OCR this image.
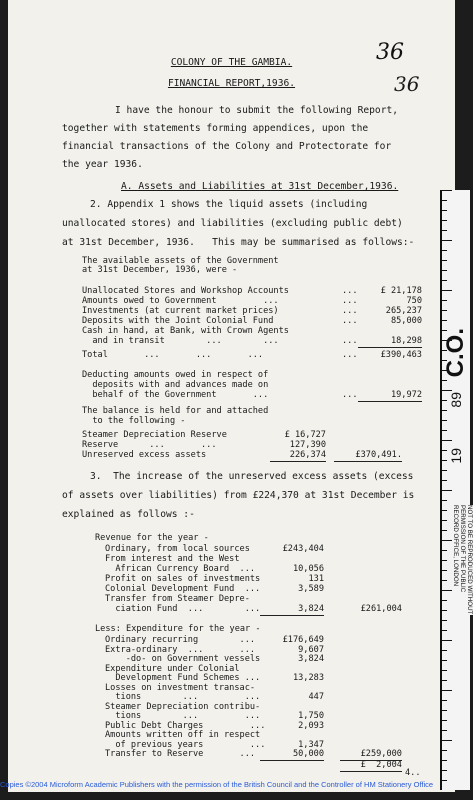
COLONY OF THE GAMBIA.
FINANCIAL REPORT,1936.
36
36
I have the honour to submit the following Report,
together with statements forming appendices, upon the
financial transactions of the Colony and Protectorate for
the year 1936.
A. Assets and Liabilities at 31st December,1936.
2. Appendix 1 shows the liquid assets (including
unallocated stores) and liabilities (excluding public debt)
at 31st December, 1936.   This may be summarised as follows:-
The available assets of the Government
at 31st December, 1936, were -
C.O.
89
19
Unallocated Stores and Workshop Accounts	...	£ 21,178
Amounts owed to Government         ...	...	750
Investments (at current market prices)	...	265,237
Deposits with the Joint Colonial Fund	...	85,000
Cash in hand, at Bank, with Crown Agents
and in transit        ...        ...	...	18,298
Total       ...       ...       ...	...	£390,463
Deducting amounts owed in respect of
deposits with and advances made on
behalf of the Government       ...	...	19,972
The balance is held for and attached
to the following -
Steamer Depreciation Reserve	£ 16,727
Reserve      ...       ...	127,390
Unreserved excess assets	226,374	£370,491.
3.  The increase of the unreserved excess assets (excess
of assets over liabilities) from £224,370 at 31st December is
explained as follows :-
Revenue for the year -
Ordinary, from local sources	£243,404
From interest and the West
African Currency Board  ...	10,056
Profit on sales of investments	131
Colonial Development Fund  ...	3,589
Transfer from Steamer Depre-
ciation Fund  ...        ...	3,824	£261,004
Less: Expenditure for the year -
Ordinary recurring        ...	£176,649
Extra-ordinary  ...       ...	9,607
-do- on Government vessels	3,824
Expenditure under Colonial
Development Fund Schemes ...	13,283
Losses on investment transac-
tions        ...         ...	447
Steamer Depreciation contribu-
tions        ...         ...	1,750
Public Debt Charges         ...	2,093
Amounts written off in respect
of previous years         ...	1,347
Transfer to Reserve       ...	50,000	£259,000
£  2,004
4..
NOT TO BE REPRODUCED WITHOUT PERMISSION OF THE PUBLIC RECORD OFFICE, LONDON
Copies ©2004 Microform Academic Publishers with the permission of the British Council and the Controller of HM Stationery Office
